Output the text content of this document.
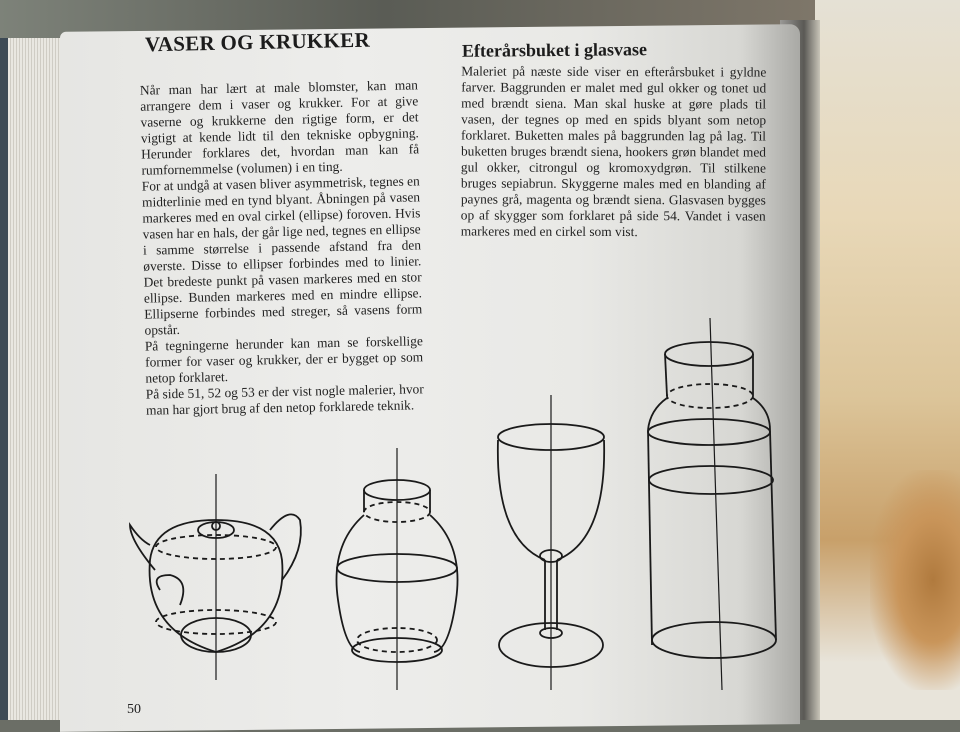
VASER OG KRUKKER

Når man har lært at male blomster, kan man arrangere dem i vaser og krukker. For at give vaserne og krukkerne den rigtige form, er det vigtigt at kende lidt til den tekniske opbygning. Herunder forklares det, hvordan man kan få rumfornemmelse (volumen) i en ting.

For at undgå at vasen bliver asymmetrisk, tegnes en midterlinie med en tynd blyant. Åbningen på vasen markeres med en oval cirkel (ellipse) foroven. Hvis vasen har en hals, der går lige ned, tegnes en ellipse i samme størrelse i passende afstand fra den øverste. Disse to ellipser forbindes med to linier. Det bredeste punkt på vasen markeres med en stor ellipse. Bunden markeres med en mindre ellipse. Ellipserne forbindes med streger, så vasens form opstår.

På tegningerne herunder kan man se forskellige former for vaser og krukker, der er bygget op som netop forklaret.

På side 51, 52 og 53 er der vist nogle malerier, hvor man har gjort brug af den netop forklarede teknik.

Efterårsbuket i glasvase

Maleriet på næste side viser en efterårsbuket i gyldne farver. Baggrunden er malet med gul okker og tonet ud med brændt siena. Man skal huske at gøre plads til vasen, der tegnes op med en spids blyant som netop forklaret. Buketten males på baggrunden lag på lag. Til buketten bruges brændt siena, hookers grøn blandet med gul okker, citrongul og kromoxydgrøn. Til stilkene bruges sepiabrun. Skyggerne males med en blanding af paynes grå, magenta og brændt siena. Glasvasen bygges op af skygger som forklaret på side 54. Vandet i vasen markeres med en cirkel som vist.

50
